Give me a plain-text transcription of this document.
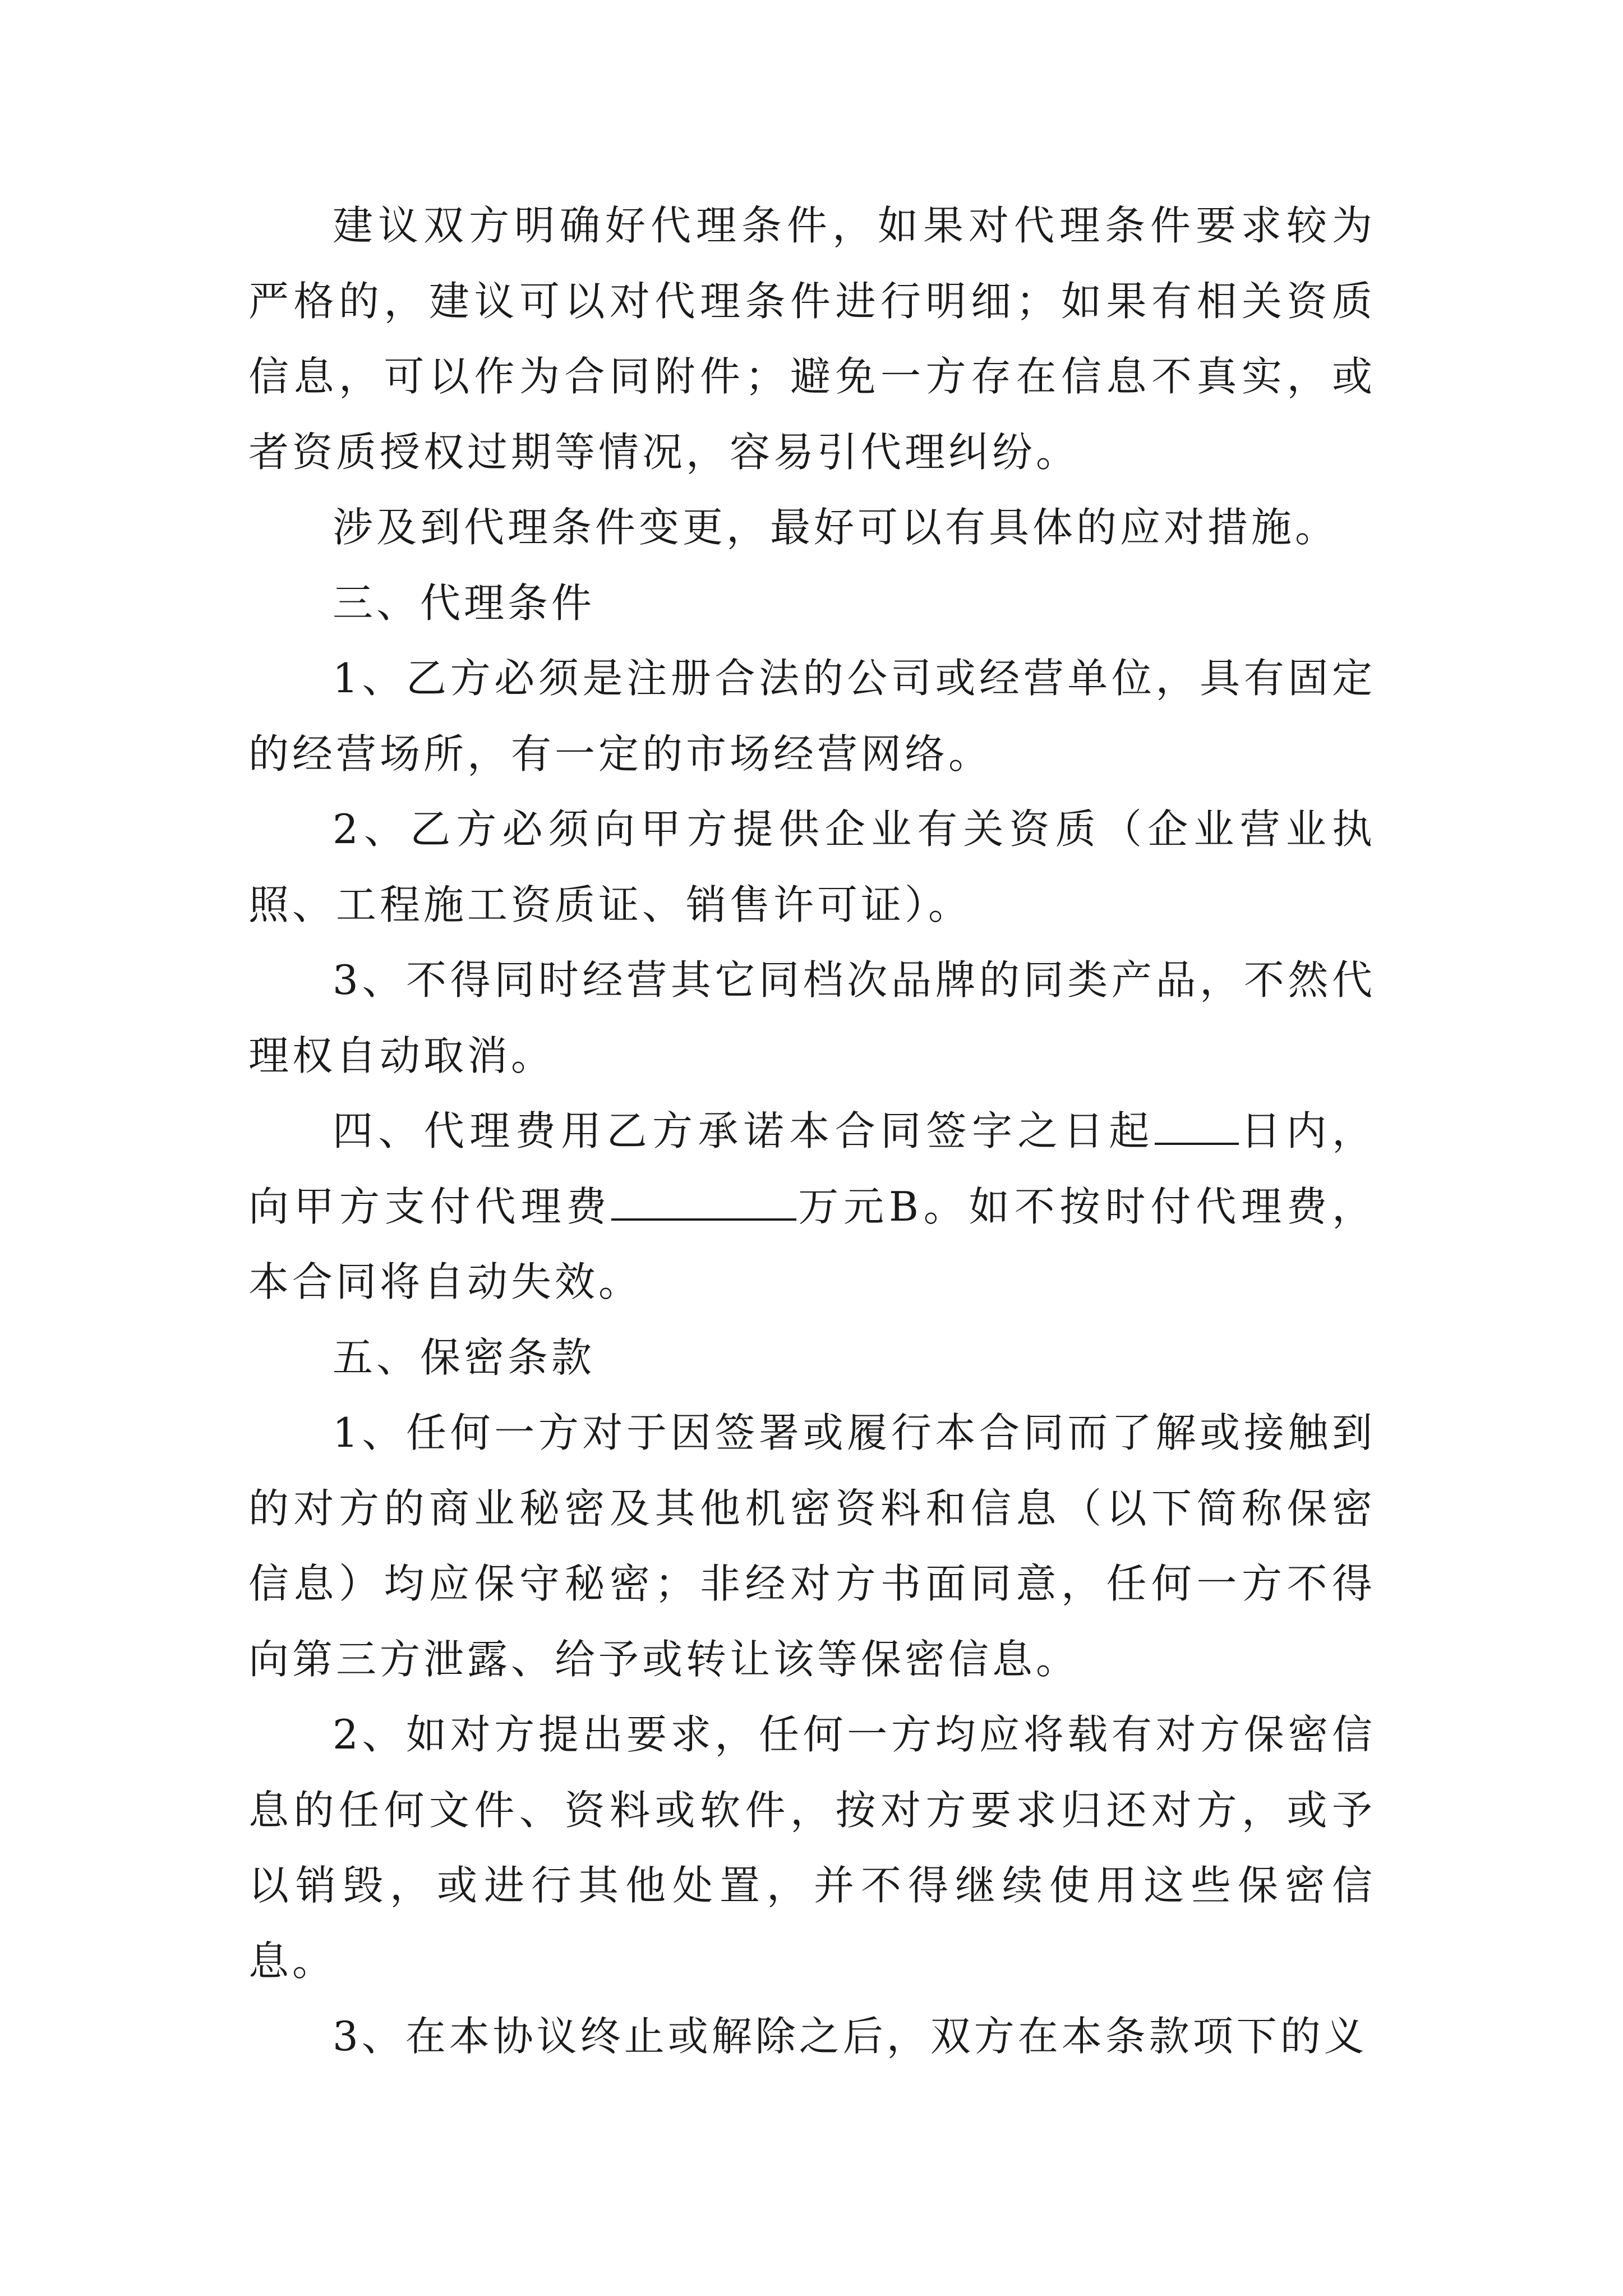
建议双方明确好代理条件，如果对代理条件要求较为严格的，建议可以对代理条件进行明细；如果有相关资质信息，可以作为合同附件；避免一方存在信息不真实，或者资质授权过期等情况，容易引代理纠纷。

涉及到代理条件变更，最好可以有具体的应对措施。

三、代理条件

1、乙方必须是注册合法的公司或经营单位，具有固定的经营场所，有一定的市场经营网络。

2、乙方必须向甲方提供企业有关资质（企业营业执照、工程施工资质证、销售许可证）。

3、不得同时经营其它同档次品牌的同类产品，不然代理权自动取消。

四、代理费用乙方承诺本合同签字之日起 日内，向甲方支付代理费	万元B。如不按时付代理费，本合同将自动失效。

五、保密条款

1、任何一方对于因签署或履行本合同而了解或接触到的对方的商业秘密及其他机密资料和信息（以下简称保密信息）均应保守秘密；非经对方书面同意，任何一方不得向第三方泄露、给予或转让该等保密信息。

2、如对方提出要求，任何一方均应将载有对方保密信息的任何文件、资料或软件，按对方要求归还对方，或予以销毁，或进行其他处置，并不得继续使用这些保密信息。

3、在本协议终止或解除之后，双方在本条款项下的义
